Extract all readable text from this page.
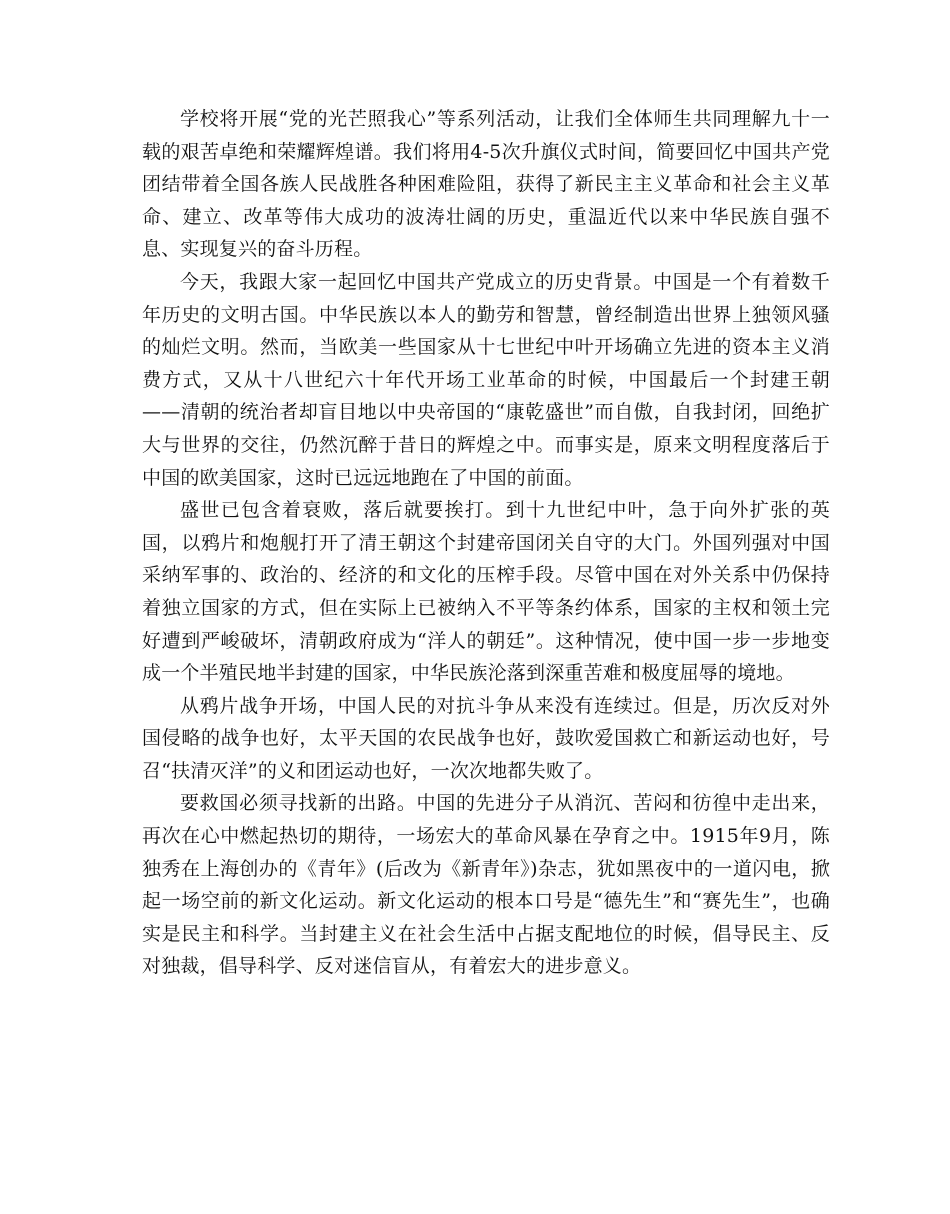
学校将开展“党的光芒照我心”等系列活动，让我们全体师生共同理解九十一载的艰苦卓绝和荣耀辉煌谱。我们将用4-5次升旗仪式时间，简要回忆中国共产党团结带着全国各族人民战胜各种困难险阻，获得了新民主主义革命和社会主义革命、建立、改革等伟大成功的波涛壮阔的历史，重温近代以来中华民族自强不息、实现复兴的奋斗历程。

今天，我跟大家一起回忆中国共产党成立的历史背景。中国是一个有着数千年历史的文明古国。中华民族以本人的勤劳和智慧，曾经制造出世界上独领风骚的灿烂文明。然而，当欧美一些国家从十七世纪中叶开场确立先进的资本主义消费方式，又从十八世纪六十年代开场工业革命的时候，中国最后一个封建王朝——清朝的统治者却盲目地以中央帝国的“康乾盛世”而自傲，自我封闭，回绝扩大与世界的交往，仍然沉醉于昔日的辉煌之中。而事实是，原来文明程度落后于中国的欧美国家，这时已远远地跑在了中国的前面。

盛世已包含着衰败，落后就要挨打。到十九世纪中叶，急于向外扩张的英国，以鸦片和炮舰打开了清王朝这个封建帝国闭关自守的大门。外国列强对中国采纳军事的、政治的、经济的和文化的压榨手段。尽管中国在对外关系中仍保持着独立国家的方式，但在实际上已被纳入不平等条约体系，国家的主权和领土完好遭到严峻破坏，清朝政府成为“洋人的朝廷”。这种情况，使中国一步一步地变成一个半殖民地半封建的国家，中华民族沦落到深重苦难和极度屈辱的境地。

从鸦片战争开场，中国人民的对抗斗争从来没有连续过。但是，历次反对外国侵略的战争也好，太平天国的农民战争也好，鼓吹爱国救亡和新运动也好，号召“扶清灭洋”的义和团运动也好，一次次地都失败了。

要救国必须寻找新的出路。中国的先进分子从消沉、苦闷和彷徨中走出来，再次在心中燃起热切的期待，一场宏大的革命风暴在孕育之中。1915年9月，陈独秀在上海创办的《青年》(后改为《新青年》)杂志，犹如黑夜中的一道闪电，掀起一场空前的新文化运动。新文化运动的根本口号是“德先生”和“赛先生”，也确实是民主和科学。当封建主义在社会生活中占据支配地位的时候，倡导民主、反对独裁，倡导科学、反对迷信盲从，有着宏大的进步意义。
